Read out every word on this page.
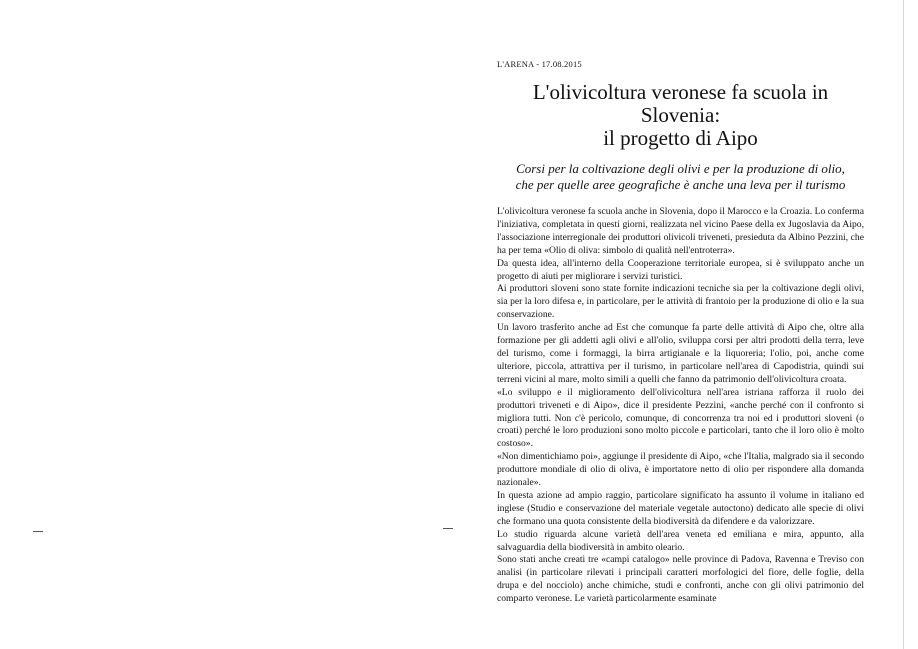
L'ARENA - 17.08.2015
L'olivicoltura veronese fa scuola in Slovenia:
il progetto di Aipo
Corsi per la coltivazione degli olivi e per la produzione di olio,
che per quelle aree geografiche è anche una leva per il turismo

L'olivicoltura veronese fa scuola anche in Slovenia, dopo il Marocco e la Croazia. Lo conferma l'iniziativa, completata in questi giorni, realizzata nel vicino Paese della ex Jugoslavia da Aipo, l'associazione interregionale dei produttori olivicoli triveneti, presieduta da Albino Pezzini, che ha per tema «Olio di oliva: simbolo di qualità nell'entroterra».

Da questa idea, all'interno della Cooperazione territoriale europea, si è sviluppato anche un progetto di aiuti per migliorare i servizi turistici.

Ai produttori sloveni sono state fornite indicazioni tecniche sia per la coltivazione degli olivi, sia per la loro difesa e, in particolare, per le attività di frantoio per la produzione di olio e la sua conservazione.

Un lavoro trasferito anche ad Est che comunque fa parte delle attività di Aipo che, oltre alla formazione per gli addetti agli olivi e all'olio, sviluppa corsi per altri prodotti della terra, leve del turismo, come i formaggi, la birra artigianale e la liquoreria; l'olio, poi, anche come ulteriore, piccola, attrattiva per il turismo, in particolare nell'area di Capodistria, quindi sui terreni vicini al mare, molto simili a quelli che fanno da patrimonio dell'olivicoltura croata.

«Lo sviluppo e il miglioramento dell'olivicoltura nell'area istriana rafforza il ruolo dei produttori triveneti e di Aipo», dice il presidente Pezzini, «anche perché con il confronto si migliora tutti. Non c'è pericolo, comunque, di concorrenza tra noi ed i produttori sloveni (o croati) perché le loro produzioni sono molto piccole e particolari, tanto che il loro olio è molto costoso».

«Non dimentichiamo poi», aggiunge il presidente di Aipo, «che l'Italia, malgrado sia il secondo produttore mondiale di olio di oliva, è importatore netto di olio per rispondere alla domanda nazionale».

In questa azione ad ampio raggio, particolare significato ha assunto il volume in italiano ed inglese (Studio e conservazione del materiale vegetale autoctono) dedicato alle specie di olivi che formano una quota consistente della biodiversità da difendere e da valorizzare.

Lo studio riguarda alcune varietà dell'area veneta ed emiliana e mira, appunto, alla salvaguardia della biodiversità in ambito oleario.

Sono stati anche creati tre «campi catalogo» nelle province di Padova, Ravenna e Treviso con analisi (in particolare rilevati i principali caratteri morfologici del fiore, delle foglie, della drupa e del nocciolo) anche chimiche, studi e confronti, anche con gli olivi patrimonio del comparto veronese. Le varietà particolarmente esaminate
